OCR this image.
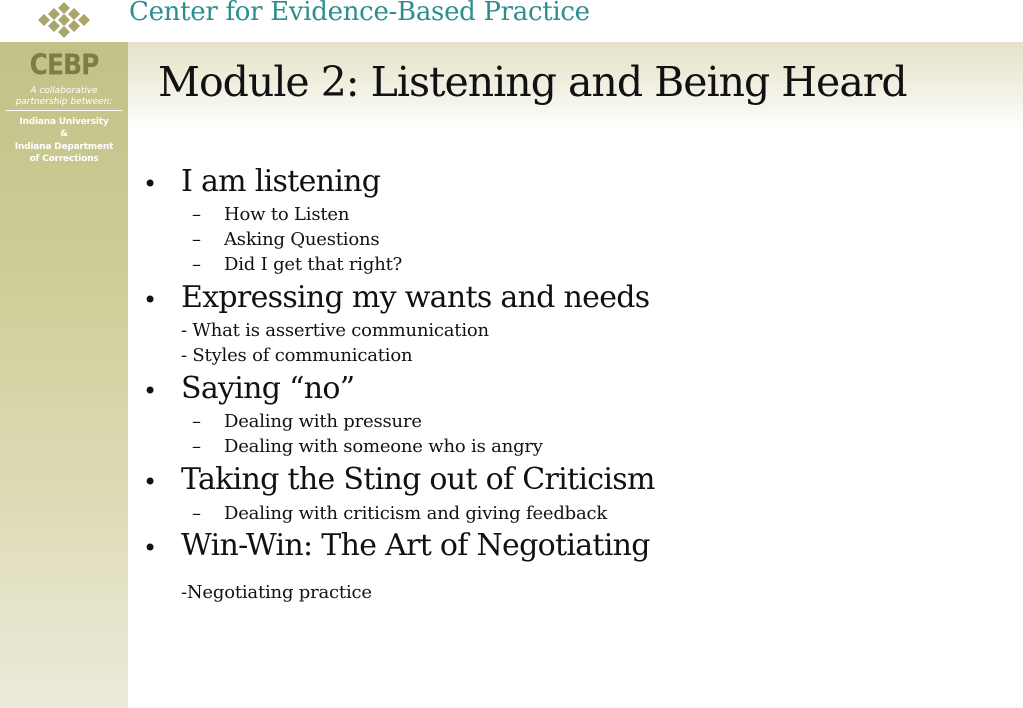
Center for Evidence-Based Practice
CEBP
A collaborative
partnership between:
Indiana University
&
Indiana Department
of Corrections
Module 2: Listening and Being Heard
• I am listening
– How to Listen
– Asking Questions
– Did I get that right?
• Expressing my wants and needs
- What is assertive communication
- Styles of communication
• Saying “no”
– Dealing with pressure
– Dealing with someone who is angry
• Taking the Sting out of Criticism
– Dealing with criticism and giving feedback
• Win-Win: The Art of Negotiating
-Negotiating practice
